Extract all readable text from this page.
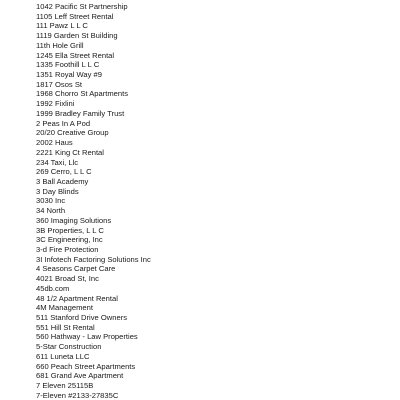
1042 Pacific St Partnership
1105 Leff Street Rental
111 Pawz L L C
1119 Garden St Building
11th Hole Grill
1245 Ella Street Rental
1335 Foothill L L C
1351 Royal Way #9
1817 Osos St
1968 Chorro St Apartments
1992 Fixlini
1999 Bradley Family Trust
2 Peas In A Pod
20/20 Creative Group
2002 Haus
2221 King Ct Rental
234 Taxi, Llc
269 Cerro, L L C
3 Ball Academy
3 Day Blinds
3030 Inc
34 North
360 Imaging Solutions
3B Properties, L L C
3C Engineering, Inc
3-d Fire Protection
3I Infotech Factoring Solutions Inc
4 Seasons Carpet Care
4021 Broad St, Inc
45db.com
48 1/2 Apartment Rental
4M Management
511 Stanford Drive Owners
551 Hill St Rental
560 Hathway - Law Properties
5-Star Construction
611 Luneta LLC
660 Peach Street Apartments
681 Grand Ave Apartment
7 Eleven 25115B
7-Eleven #2133-27835C
